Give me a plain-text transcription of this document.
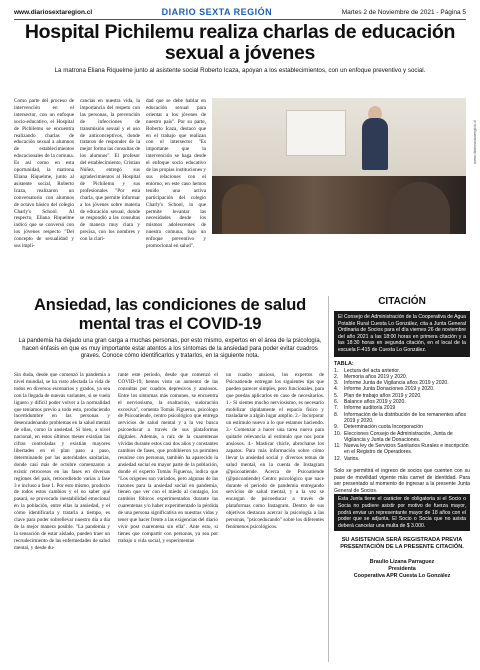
www.diariosextaregion.cl	DIARIO SEXTA REGIÓN	Martes 2 de Noviembre de 2021 - Página 5
Hospital Pichilemu realiza charlas de educación sexual a jóvenes
La matrona Eliana Riquelme junto al asistente social Roberto Icaza, apoyan a los establecimientos, con un enfoque preventivo y social.
Como parte del proceso de intervención en el intersector, con un enfoque socio-educativo, el Hospital de Pichilemu se encuentra realizando charlas de educación sexual a alumnos de establecimientos educacionales de la comuna. Es así como en esta oportunidad, la matrona Eliana Riquelme, junto al asistente social, Roberto Icaza, realizaron un conversatorio con alumnos de octavo básico del colegio Charly's School. Al respecto, Eliana Riquelme indicó que se conversó con los jóvenes respecto "Del concepto de sexualidad y sus impli-
cancias en nuestra vida, la importancia del respeto con las personas, la prevención de infecciones de transmisión sexual y el uso de anticonceptivos, donde trataron de responder de la mejor forma las consultas de los alumnos". El profesor del establecimiento, Cristian Núñez, entregó sus agradecimientos al Hospital de Pichilemu y sus profesionales "Por esta charla, que permite informar a los jóvenes sobre materia de educación sexual, donde se respondió a las consultas de manera muy clara y precisa, con los nombres y con la clari-
dad que se debe hablar en educación sexual para orientar a los jóvenes de nuestro país". Por su parte, Roberto Icaza, destacó que en el trabajo que realizan con el intersector "Es importante que la intervención se haga desde el enfoque socio educativo de las propias instituciones y sus relaciones con el entorno, en este caso hemos tenido una activa participación del colegio Charly's School, lo que permite levantar las necesidades desde los mismos adolescentes de nuestra comuna, bajo un enfoque preventivo y promocional en salud".
www.diariosextaregion.cl
Ansiedad, las condiciones de salud mental tras el COVID-19
La pandemia ha dejado una gran carga a muchas personas, por esto mismo, expertos en el área de la psicología, hacen énfasis en que es muy importante estar atentos a los síntomas de la ansiedad para poder evitar cuadros graves. Conoce cómo identificarlos y tratarlos, en la siguiente nota.
Sin duda, desde que comenzó la pandemia a nivel mundial, se ha visto afectada la vida de todos en diversos escenarios y grados, ya sea con la llegada de nuevas variantes, si se vuela liguero y difícil poder volver a la normalidad que teníamos previo a todo esto, produciendo incertidumbre en las personas y desencadenando problemas en la salud mental de ellas, como la ansiedad. Si bien, a nivel nacional, en estos últimos meses existían las cifras controladas y existían mayores libertades en el plan paso a paso, determinando por las autoridades sanitarias, donde casi más de octubre comenzaron a existir retrocesos en las fases en diversas regiones del país, retrocediendo varias a fase 3 e incluso a fase 1. Por esto mismo, producto de todos estos cambios y el no saber qué pasará, se provocado inestabilidad emocional en la población, entre ellas la ansiedad, y el cómo identificarla y tratarla a tiempo, es clave para poder sobrellevar nuestro día a día de la mejor manera posible. "La pandemia y la sensación de estar aislado, pueden traer un recrudecimiento de las enfermedades de salud mental, y desde du-
rante este período, desde que comenzó el COVID-19, hemos visto un aumento de las consultas por cuadros depresivos y ansiosos. Entre los síntomas más comunes, se encuentra el nerviosismo, la exaltación, sudoración excesiva", comenta Tomás Figueroa, psicólogo de Psicoatiende, centro psicológico que entrega servicios de salud mental y a la vez busca psicoeducar a través de sus plataformas digitales. Además, a raíz de la cuarentenas vividas durante estos casi dos años y constantes cambios de fases, que prohibieron ya permiten reunirse con personas, también ha aparecido la ansiedad social en mayor parte de la población, donde el experto Tomás Figueroa, indica que "Los orígenes son variados, pero algunas de las razones para la ansiedad social en pandemia, tienen que ver con el miedo al contagio, los cambios fóbicos experimentados durante las cuarentenas y/o haber experimentado la pérdida de una persona significativa en nuestras vidas y tener que hacer frente a las exigencias del diario vivir post cuarentena sin ella". Ante esto, si tienes que compartir con personas, ya sea por trabajo o vida social, y experimentas
un cuadro ansioso, los expertos de Psicoatiende entregan los siguientes tips que pueden parecer simples, pero funcionales, para que puedas aplicarlos en caso de necesitarlos. 1.- Si sientes mucho nerviosismo, es necesario mobilizar rápidamente el espacio físico y trasladarse a algún lugar amplio. 2.- Incorporar un estímulo nuevo a lo que estamos haciendo. 3.- Comenzar a hacer una tarea nueva para quitarle relevancia al estímulo que nos pone ansiosos. 4.- Masticar chicle, abrocharse los zapatos. Para más información sobre cómo llevar la ansiedad social y diversos temas de salud mental, en la cuenta de Instagram @psicoatiende. Acerca de Psicoatiende (@psicoatiende) Centro psicológico que nace durante el periodo de pandemia entregando servicios de salud mental, y a la vez se encargan de psicoeducar a través de plataformas como Instagram. Dentro de sus objetivos destacan acercar la psicología a las personas, "psicoeducando" sobre los diferentes fenómenos psicológicos.
CITACIÓN
El Consejo de Administración de la Cooperativa de Agua Potable Rural Cuesta Lo González, cita a Junta General Ordinaria de Socios para el día viernes 26 de noviembre del año 2021 a las 18:00 horas en primera citación y a las 18:30 horas en segunda citación, en el local de la escuela F-415 de Cuesta Lo González.
TABLA:
1.	Lectura del acta anterior.
2.	Memoria años 2019 y 2020.
3.	Informe Junta de Vigilancia años 2019 y 2020.
4.	Informe Junta Donaciones 2019 y 2020.
5.	Plan de trabajo años 2019 y 2020.
6.	Balance años 2019 y 2020.
7.	Informe auditoría 2019
8.	Información de la distribución de los remanentes años 2019 y 2020.
9.	Determinación cuota Incorporación
10. Elecciones Consejo de Administración, Junta de Vigilancia y Junta de Donaciones.
11. Nueva ley de Servicios Sanitarios Rurales e inscripción en el Registro de Operadores.
12. Varios.
Solo se permitirá el ingreso de socios que cuenten con su pase de movilidad vigente más carnet de identidad. Para ser presentado al momento de ingresar a la presente Junta General de Socios.
Esta Junta tiene el carácter de obligatoria si el Socio o Socia no pudiere asistir por motivo de fuerza mayor, podrá enviar un representante mayor de 18 años con el poder que se adjunta. El Socio o Socia que no asista deberá cancelar una multa de $ 3.000.
SU ASISTENCIA SERÁ REGISTRADA PREVIA PRESENTACIÓN DE LA PRESENTE CITACIÓN.
Braulio Lizana Parraguez
Presidenta
Cooperativa APR Cuesta Lo González
